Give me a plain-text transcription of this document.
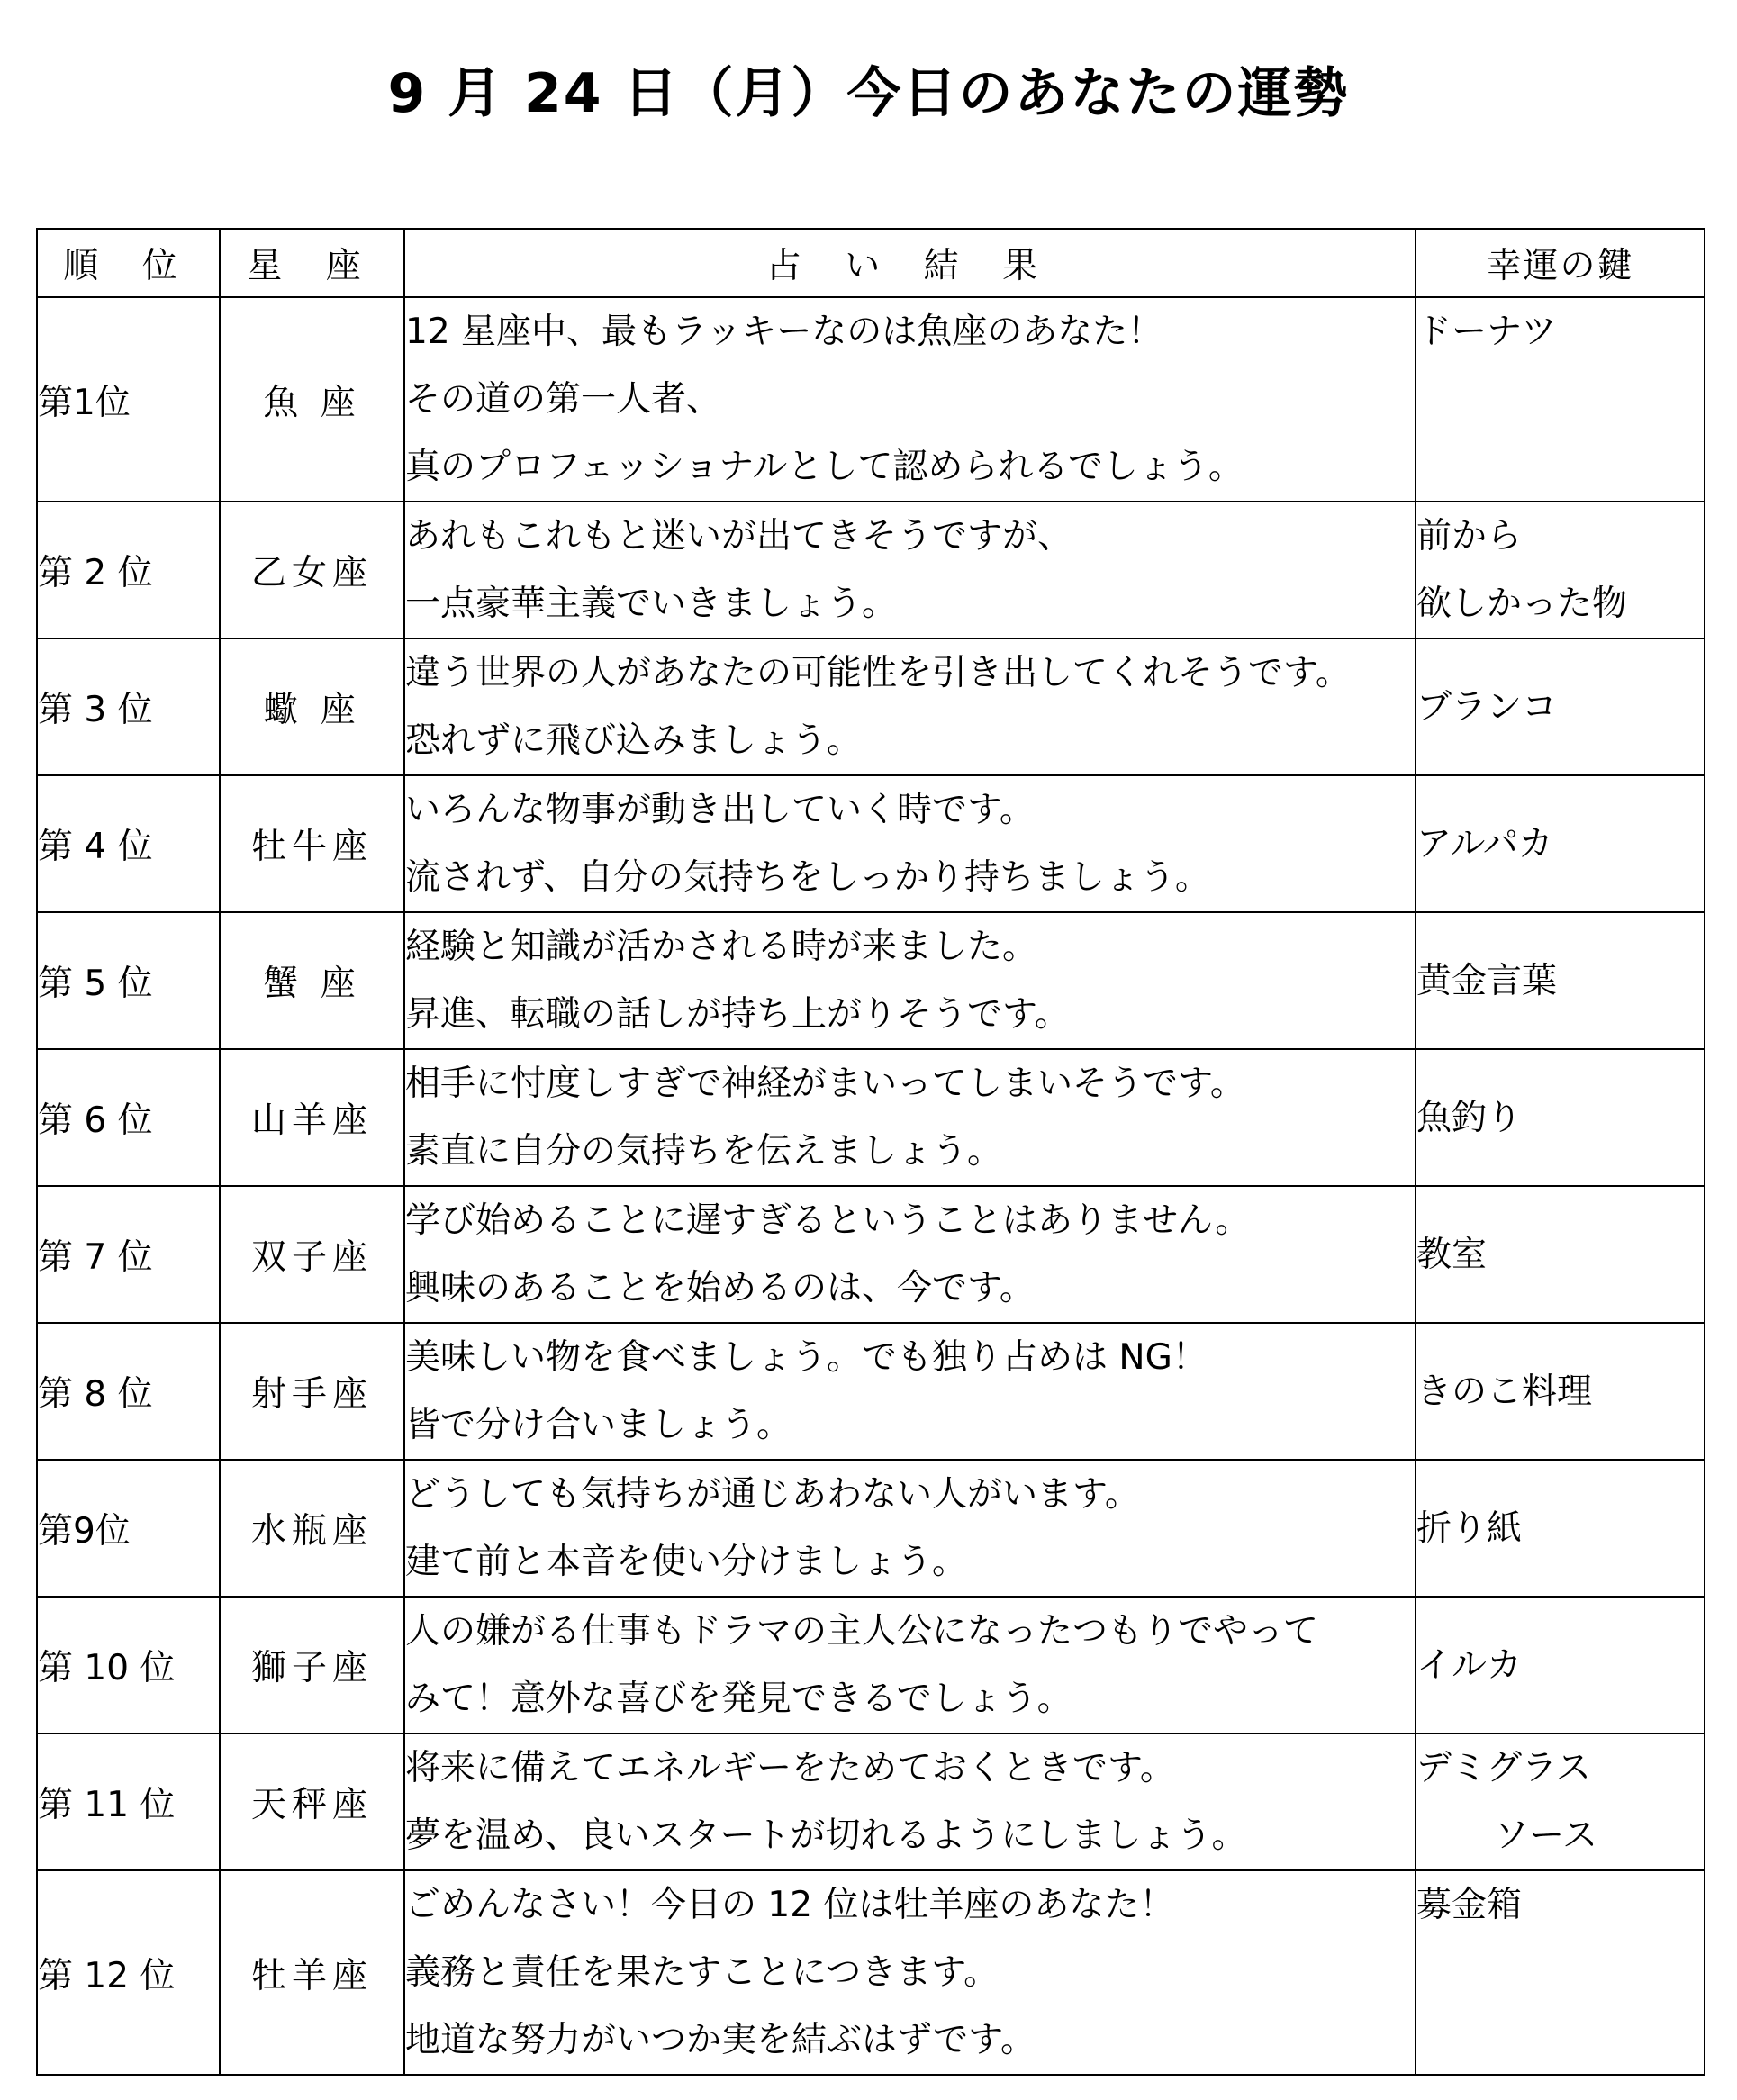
9 月 24 日（月）今日のあなたの運勢
順 位	星 座	占 い 結 果	幸運の鍵
第1位	魚 座	12 星座中、最もラッキーなのは魚座のあなた！
その道の第一人者、
真のプロフェッショナルとして認められるでしょう。	ドーナツ

第 2 位	乙女座	あれもこれもと迷いが出てきそうですが、
一点豪華主義でいきましょう。	前から
欲しかった物

第 3 位	蠍 座	違う世界の人があなたの可能性を引き出してくれそうです。
恐れずに飛び込みましょう。	ブランコ

第 4 位	牡牛座	いろんな物事が動き出していく時です。
流されず、自分の気持ちをしっかり持ちましょう。	アルパカ

第 5 位	蟹 座	経験と知識が活かされる時が来ました。
昇進、転職の話しが持ち上がりそうです。	黄金言葉

第 6 位	山羊座	相手に忖度しすぎで神経がまいってしまいそうです。
素直に自分の気持ちを伝えましょう。	魚釣り

第 7 位	双子座	学び始めることに遅すぎるということはありません。
興味のあることを始めるのは、今です。	教室

第 8 位	射手座	美味しい物を食べましょう。でも独り占めは NG！
皆で分け合いましょう。	きのこ料理

第9位	水瓶座	どうしても気持ちが通じあわない人がいます。
建て前と本音を使い分けましょう。	折り紙

第 10 位	獅子座	人の嫌がる仕事もドラマの主人公になったつもりでやって
みて！意外な喜びを発見できるでしょう。	イルカ

第 11 位	天秤座	将来に備えてエネルギーをためておくときです。
夢を温め、良いスタートが切れるようにしましょう。	デミグラス
ソース

第 12 位	牡羊座	ごめんなさい！今日の 12 位は牡羊座のあなた！
義務と責任を果たすことにつきます。
地道な努力がいつか実を結ぶはずです。	募金箱
